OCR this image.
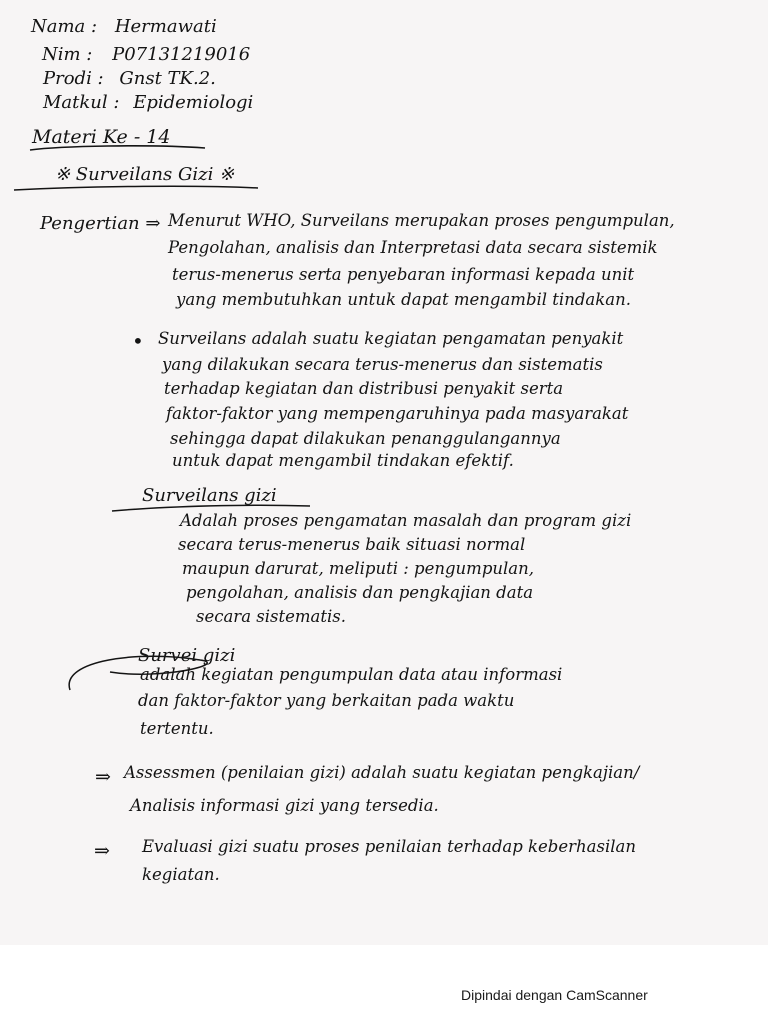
Nama : Hermawati
Nim : P07131219016
Prodi : Gnst TK.2.
Matkul : Epidemiologi
Materi Ke - 14
※ Surveilans Gizi ※
Pengertian ⇒ Menurut WHO, Surveilans merupakan proses pengumpulan,
Pengolahan, analisis dan Interpretasi data secara sistemik
terus-menerus serta penyebaran informasi kepada unit
yang membutuhkan untuk dapat mengambil tindakan.
• Surveilans adalah suatu kegiatan pengamatan penyakit
yang dilakukan secara terus-menerus dan sistematis
terhadap kegiatan dan distribusi penyakit serta
faktor-faktor yang mempengaruhinya pada masyarakat
sehingga dapat dilakukan penanggulangannya
untuk dapat mengambil tindakan efektif.
Surveilans gizi
Adalah proses pengamatan masalah dan program gizi
secara terus-menerus baik situasi normal
maupun darurat, meliputi : pengumpulan,
pengolahan, analisis dan pengkajian data
secara sistematis.
Survei gizi
adalah kegiatan pengumpulan data atau informasi
dan faktor-faktor yang berkaitan pada waktu
tertentu.
⇒ Assessmen (penilaian gizi) adalah suatu kegiatan pengkajian/
Analisis informasi gizi yang tersedia.
⇒ Evaluasi gizi suatu proses penilaian terhadap keberhasilan
kegiatan.
Dipindai dengan CamScanner
